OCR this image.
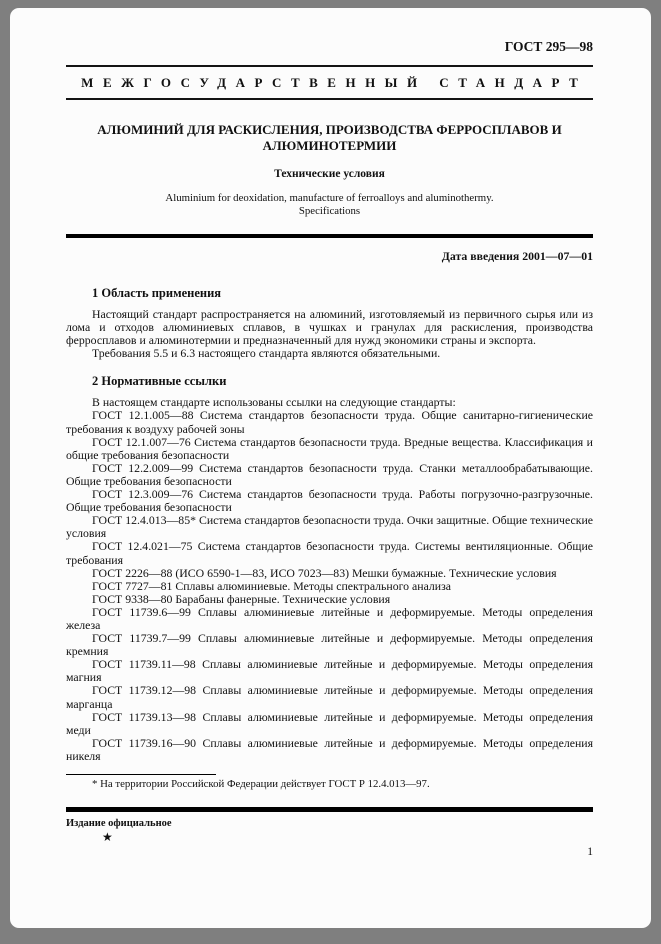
ГОСТ 295—98
МЕЖГОСУДАРСТВЕННЫЙ СТАНДАРТ
АЛЮМИНИЙ ДЛЯ РАСКИСЛЕНИЯ, ПРОИЗВОДСТВА ФЕРРОСПЛАВОВ И АЛЮМИНОТЕРМИИ
Технические условия
Aluminium for deoxidation, manufacture of ferroalloys and aluminothermy.
Specifications
Дата введения 2001—07—01
1 Область применения

Настоящий стандарт распространяется на алюминий, изготовляемый из первичного сырья или из лома и отходов алюминиевых сплавов, в чушках и гранулах для раскисления, производства ферросплавов и алюминотермии и предназначенный для нужд экономики страны и экспорта.

Требования 5.5 и 6.3 настоящего стандарта являются обязательными.

2 Нормативные ссылки

В настоящем стандарте использованы ссылки на следующие стандарты:

ГОСТ 12.1.005—88 Система стандартов безопасности труда. Общие санитарно-гигиенические требования к воздуху рабочей зоны

ГОСТ 12.1.007—76 Система стандартов безопасности труда. Вредные вещества. Классификация и общие требования безопасности

ГОСТ 12.2.009—99 Система стандартов безопасности труда. Станки металлообрабатывающие. Общие требования безопасности

ГОСТ 12.3.009—76 Система стандартов безопасности труда. Работы погрузочно-разгрузочные. Общие требования безопасности

ГОСТ 12.4.013—85* Система стандартов безопасности труда. Очки защитные. Общие технические условия

ГОСТ 12.4.021—75 Система стандартов безопасности труда. Системы вентиляционные. Общие требования

ГОСТ 2226—88 (ИСО 6590-1—83, ИСО 7023—83) Мешки бумажные. Технические условия

ГОСТ 7727—81 Сплавы алюминиевые. Методы спектрального анализа

ГОСТ 9338—80 Барабаны фанерные. Технические условия

ГОСТ 11739.6—99 Сплавы алюминиевые литейные и деформируемые. Методы определения железа

ГОСТ 11739.7—99 Сплавы алюминиевые литейные и деформируемые. Методы определения кремния

ГОСТ 11739.11—98 Сплавы алюминиевые литейные и деформируемые. Методы определения магния

ГОСТ 11739.12—98 Сплавы алюминиевые литейные и деформируемые. Методы определения марганца

ГОСТ 11739.13—98 Сплавы алюминиевые литейные и деформируемые. Методы определения меди

ГОСТ 11739.16—90 Сплавы алюминиевые литейные и деформируемые. Методы определения никеля

* На территории Российской Федерации действует ГОСТ Р 12.4.013—97.

Издание официальное
★
1
